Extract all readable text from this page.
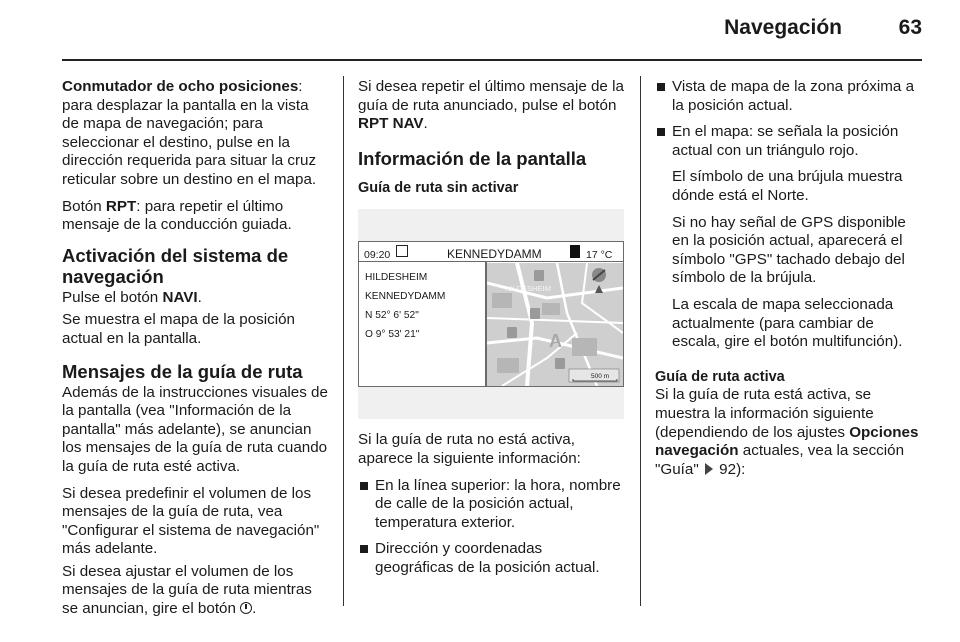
Navegación	63

Conmutador de ocho posiciones: para desplazar la pantalla en la vista de mapa de navegación; para seleccionar el destino, pulse en la dirección requerida para situar la cruz reticular sobre un destino en el mapa.

Botón RPT: para repetir el último mensaje de la conducción guiada.

Activación del sistema de navegación

Pulse el botón NAVI.

Se muestra el mapa de la posición actual en la pantalla.

Mensajes de la guía de ruta

Además de la instrucciones visuales de la pantalla (vea "Información de la pantalla" más adelante), se anuncian los mensajes de la guía de ruta cuando la guía de ruta esté activa.

Si desea predefinir el volumen de los mensajes de la guía de ruta, vea "Configurar el sistema de navegación" más adelante.

Si desea ajustar el volumen de los mensajes de la guía de ruta mientras se anuncian, gire el botón .

Si desea repetir el último mensaje de la guía de ruta anunciado, pulse el botón RPT NAV.

Información de la pantalla
Guía de ruta sin activar
09:20	KENNEDYDAMM	17 °C
HILDESHEIM
KENNEDYDAMM
N 52° 6' 52"
O 9° 53' 21"
HILDESHEIM
A
500 m

Si la guía de ruta no está activa, aparece la siguiente información:

En la línea superior: la hora, nombre de calle de la posición actual, temperatura exterior.
Dirección y coordenadas geográficas de la posición actual.
Vista de mapa de la zona próxima a la posición actual.
En el mapa: se señala la posición actual con un triángulo rojo.
El símbolo de una brújula muestra dónde está el Norte.
Si no hay señal de GPS disponible en la posición actual, aparecerá el símbolo "GPS" tachado debajo del símbolo de la brújula.
La escala de mapa seleccionada actualmente (para cambiar de escala, gire el botón multifunción).
Guía de ruta activa

Si la guía de ruta está activa, se muestra la información siguiente (dependiendo de los ajustes Opciones navegación actuales, vea la sección "Guía"  92):
